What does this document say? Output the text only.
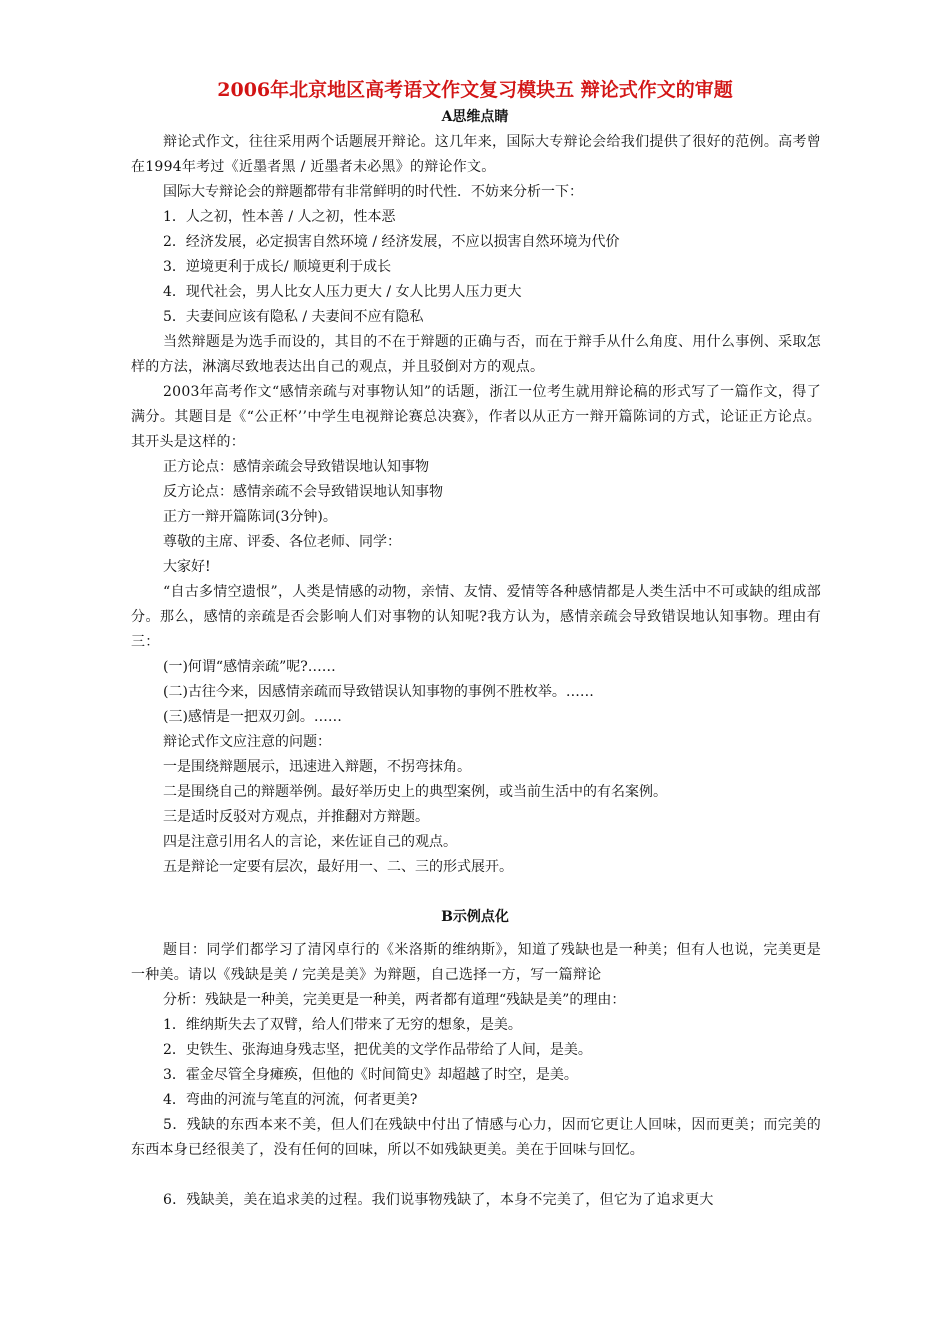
2006年北京地区高考语文作文复习模块五 辩论式作文的审题
A思维点睛

辩论式作文，往往采用两个话题展开辩论。这几年来，国际大专辩论会给我们提供了很好的范例。高考曾在1994年考过《近墨者黑 / 近墨者未必黑》的辩论作文。

国际大专辩论会的辩题都带有非常鲜明的时代性．不妨来分析一下：

1．人之初，性本善 / 人之初，性本恶
2．经济发展，必定损害自然环境 / 经济发展，不应以损害自然环境为代价
3．逆境更利于成长/ 顺境更利于成长
4．现代社会，男人比女人压力更大 / 女人比男人压力更大
5．夫妻间应该有隐私 / 夫妻间不应有隐私

当然辩题是为选手而设的，其目的不在于辩题的正确与否，而在于辩手从什么角度、用什么事例、采取怎样的方法，淋漓尽致地表达出自己的观点，并且驳倒对方的观点。

2003年高考作文“感情亲疏与对事物认知”的话题，浙江一位考生就用辩论稿的形式写了一篇作文，得了满分。其题目是《“公正杯’’中学生电视辩论赛总决赛》，作者以从正方一辩开篇陈词的方式，论证正方论点。其开头是这样的：

正方论点：感情亲疏会导致错误地认知事物
反方论点：感情亲疏不会导致错误地认知事物
正方一辩开篇陈词(3分钟)。
尊敬的主席、评委、各位老师、同学：
大家好!

“自古多情空遗恨”，人类是情感的动物，亲情、友情、爱情等各种感情都是人类生活中不可或缺的组成部分。那么，感情的亲疏是否会影响人们对事物的认知呢?我方认为，感情亲疏会导致错误地认知事物。理由有三：

(一)何谓“感情亲疏”呢?……
(二)古往今来，因感情亲疏而导致错误认知事物的事例不胜枚举。……
(三)感情是一把双刃剑。……
辩论式作文应注意的问题：
一是围绕辩题展示，迅速进入辩题，不拐弯抹角。
二是围绕自己的辩题举例。最好举历史上的典型案例，或当前生活中的有名案例。
三是适时反驳对方观点，并推翻对方辩题。
四是注意引用名人的言论，来佐证自己的观点。
五是辩论一定要有层次，最好用一、二、三的形式展开。
B示例点化

题目：同学们都学习了清冈卓行的《米洛斯的维纳斯》，知道了残缺也是一种美；但有人也说，完美更是一种美。请以《残缺是美 / 完美是美》为辩题，自己选择一方，写一篇辩论

分析：残缺是一种美，完美更是一种美，两者都有道理“残缺是美”的理由：
1．维纳斯失去了双臂，给人们带来了无穷的想象，是美。
2．史铁生、张海迪身残志坚，把优美的文学作品带给了人间，是美。
3．霍金尽管全身瘫痪，但他的《时间简史》却超越了时空，是美。
4．弯曲的河流与笔直的河流，何者更美?

5．残缺的东西本来不美，但人们在残缺中付出了情感与心力，因而它更让人回味，因而更美；而完美的东西本身已经很美了，没有任何的回味，所以不如残缺更美。美在于回味与回忆。

6．残缺美，美在追求美的过程。我们说事物残缺了，本身不完美了，但它为了追求更大
